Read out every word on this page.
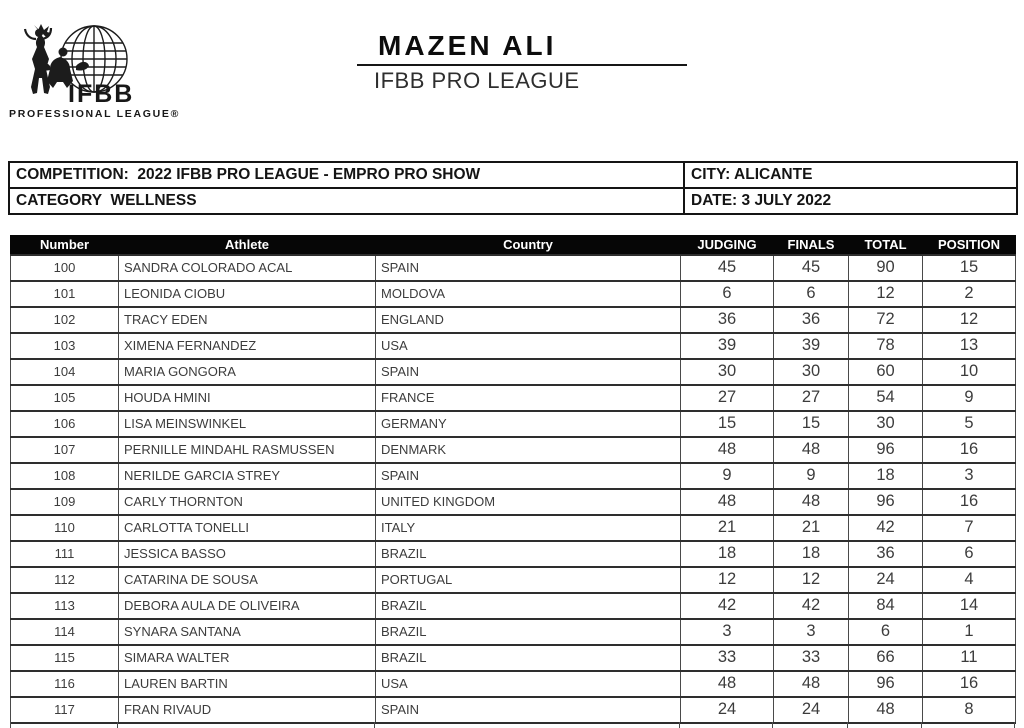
IFBB
PROFESSIONAL LEAGUE®
MAZEN ALI
IFBB PRO LEAGUE
COMPETITION:  2022 IFBB PRO LEAGUE - EMPRO PRO SHOW	CITY: ALICANTE
CATEGORY  WELLNESS	DATE: 3 JULY 2022
Number	Athlete	Country	JUDGING	FINALS	TOTAL	POSITION
100	SANDRA COLORADO ACAL	SPAIN	45	45	90	15
101	LEONIDA CIOBU	MOLDOVA	6	6	12	2
102	TRACY EDEN	ENGLAND	36	36	72	12
103	XIMENA FERNANDEZ	USA	39	39	78	13
104	MARIA GONGORA	SPAIN	30	30	60	10
105	HOUDA HMINI	FRANCE	27	27	54	9
106	LISA MEINSWINKEL	GERMANY	15	15	30	5
107	PERNILLE MINDAHL RASMUSSEN	DENMARK	48	48	96	16
108	NERILDE GARCIA STREY	SPAIN	9	9	18	3
109	CARLY THORNTON	UNITED KINGDOM	48	48	96	16
110	CARLOTTA TONELLI	ITALY	21	21	42	7
111	JESSICA BASSO	BRAZIL	18	18	36	6
112	CATARINA DE SOUSA	PORTUGAL	12	12	24	4
113	DEBORA AULA DE OLIVEIRA	BRAZIL	42	42	84	14
114	SYNARA SANTANA	BRAZIL	3	3	6	1
115	SIMARA WALTER	BRAZIL	33	33	66	11
116	LAUREN BARTIN	USA	48	48	96	16
117	FRAN RIVAUD	SPAIN	24	24	48	8
